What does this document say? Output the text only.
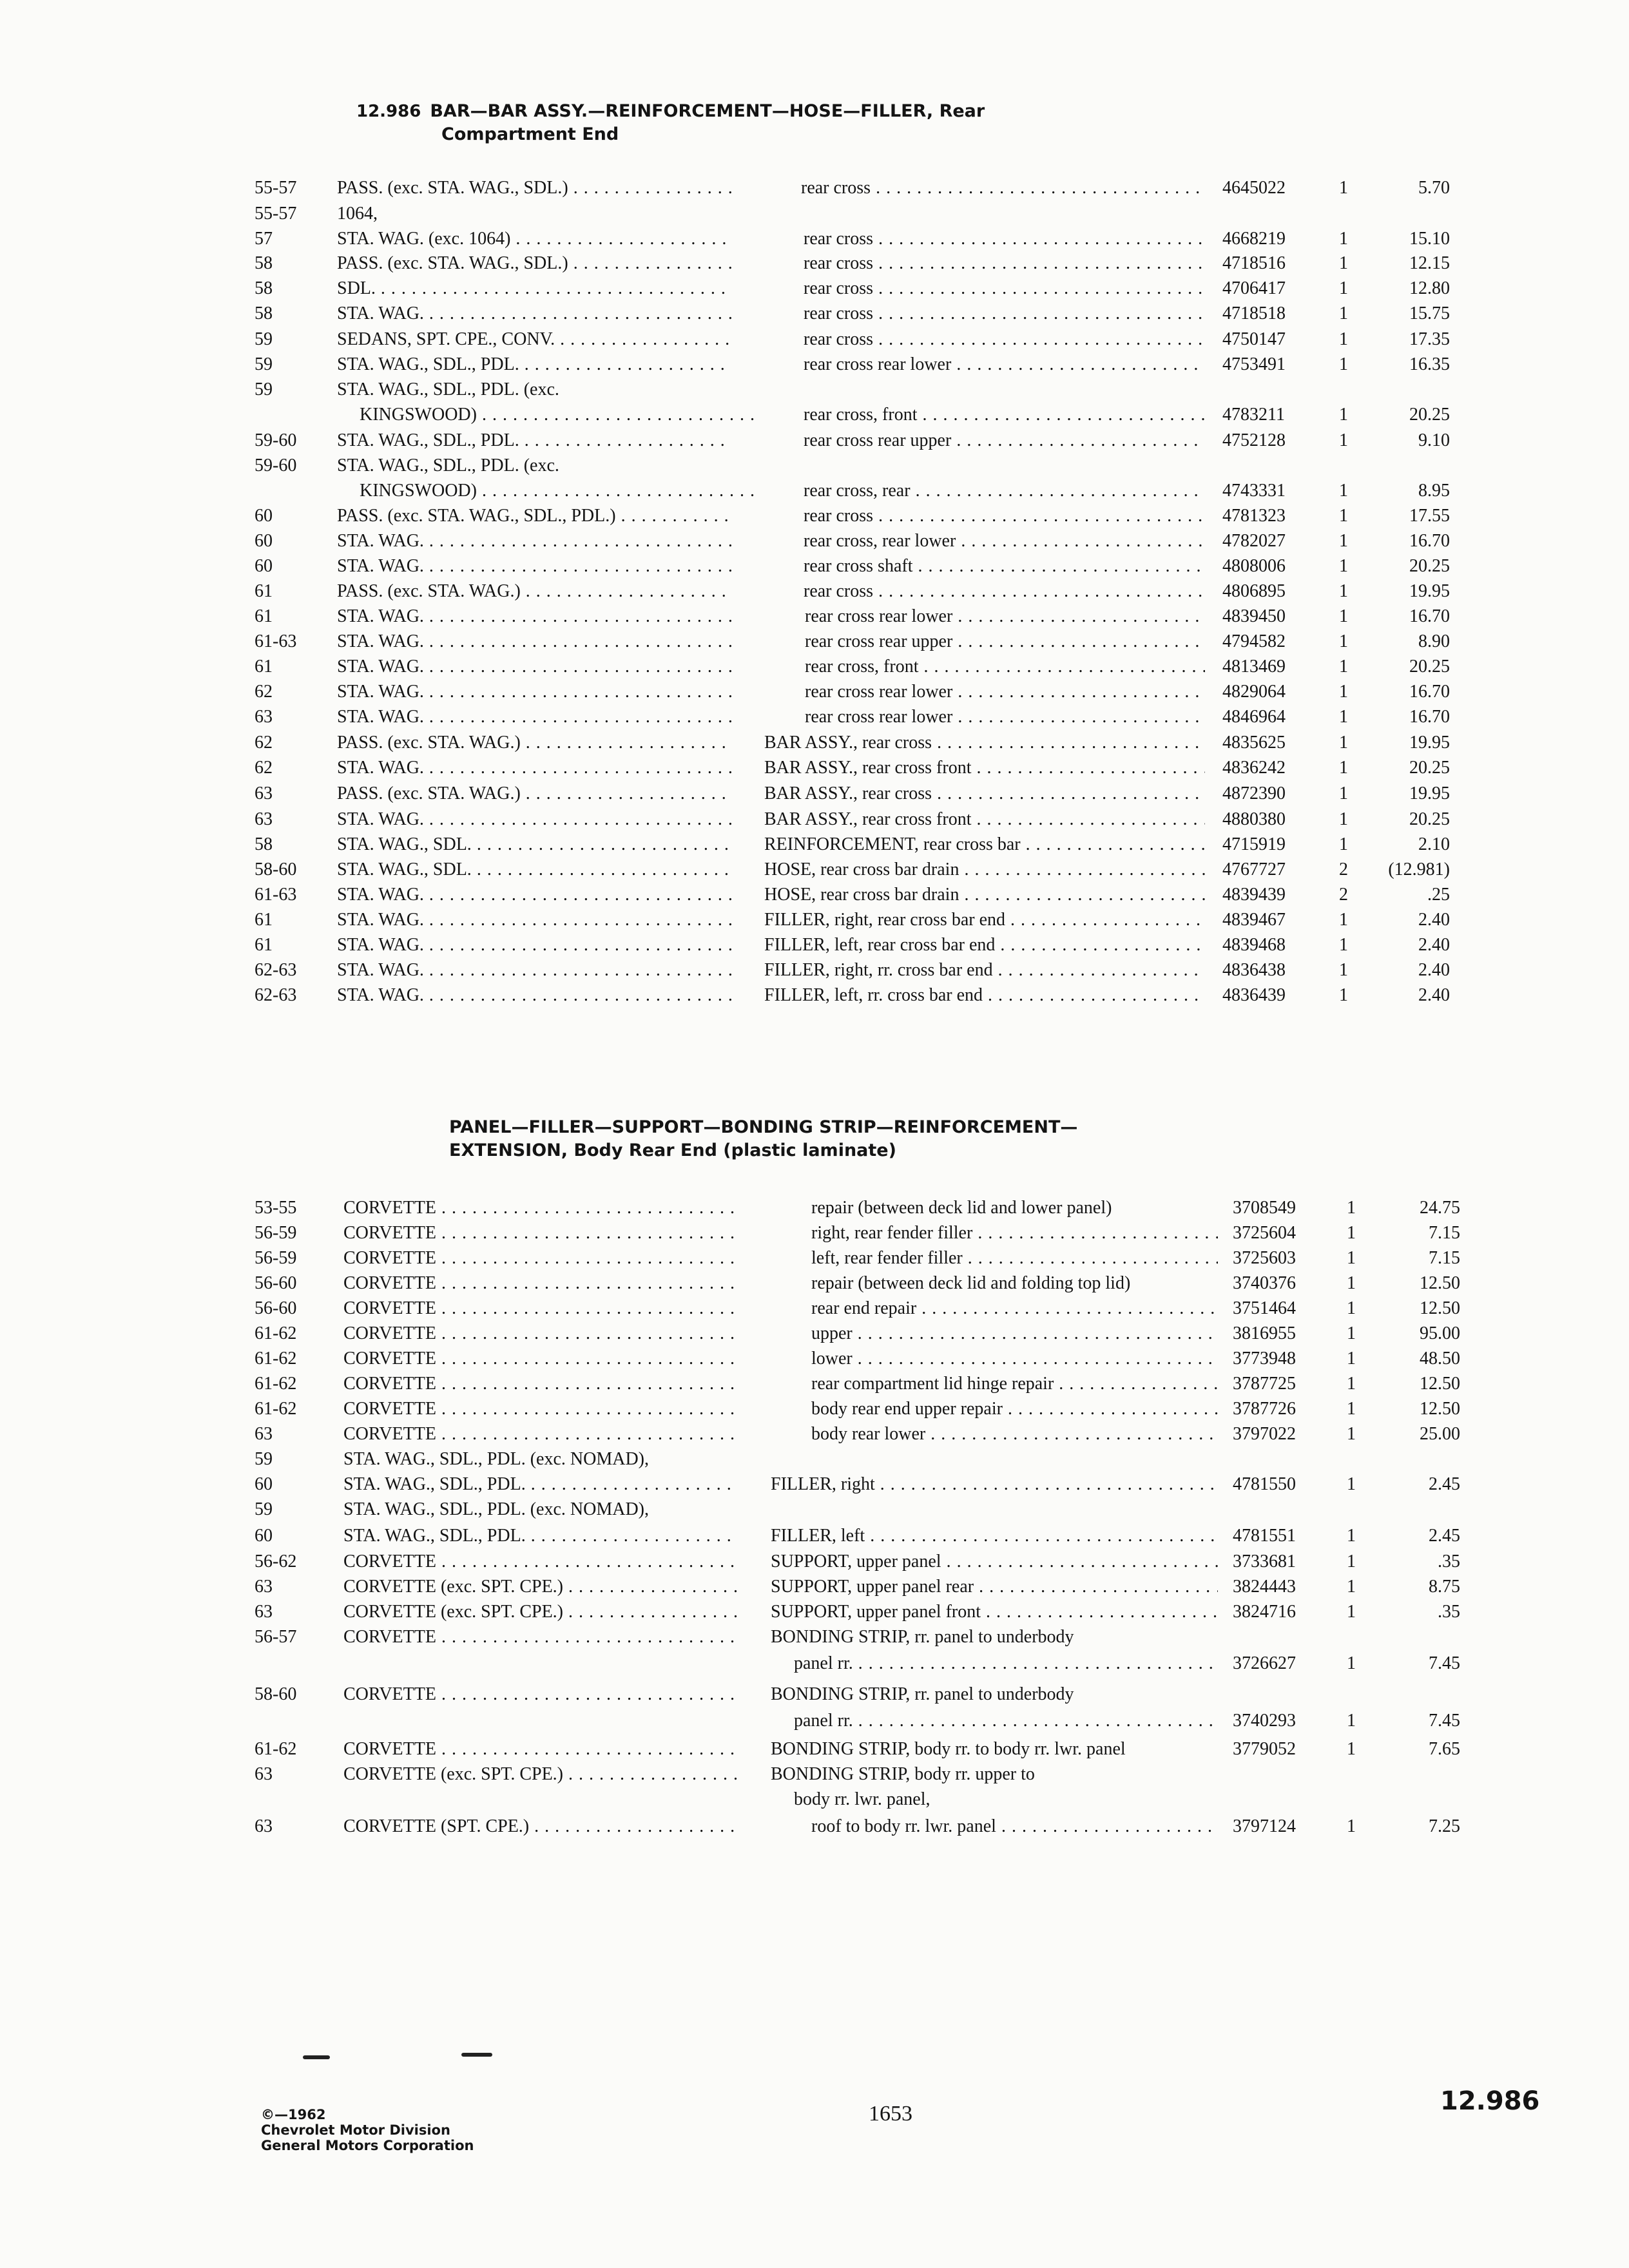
12.986 BAR—BAR ASSY.—REINFORCEMENT—HOSE—FILLER, Rear
Compartment End
55-57 PASS. (exc. STA. WAG., SDL.) . . .	rear cross . . .	4645022	1	5.70
55-57 1064,
57	STA. WAG. (exc. 1064) . . .	rear cross . . .	4668219	1	15.10
58	PASS. (exc. STA. WAG., SDL.) . . .	rear cross . . .	4718516	1	12.15
58	SDL. . . .	rear cross . . .	4706417	1	12.80
58	STA. WAG. . . .	rear cross . . .	4718518	1	15.75
59	SEDANS, SPT. CPE., CONV. . . .	rear cross . . .	4750147	1	17.35
59	STA. WAG., SDL., PDL. . . .	rear cross rear lower . . .	4753491	1	16.35
59	STA. WAG., SDL., PDL. (exc.
KINGSWOOD) . . .	rear cross, front . . .	4783211	1	20.25
59-60 STA. WAG., SDL., PDL. . . .	rear cross rear upper . . .	4752128	1	9.10
59-60 STA. WAG., SDL., PDL. (exc.
KINGSWOOD) . . .	rear cross, rear . . .	4743331	1	8.95
60	PASS. (exc. STA. WAG., SDL., PDL.) . . .	rear cross . . .	4781323	1	17.55
60	STA. WAG. . . .	rear cross, rear lower . . .	4782027	1	16.70
60	STA. WAG. . . .	rear cross shaft . . .	4808006	1	20.25
61	PASS. (exc. STA. WAG.) . . .	rear cross . . .	4806895	1	19.95
61	STA. WAG. . . .	rear cross rear lower . . .	4839450	1	16.70
61-63 STA. WAG. . . .	rear cross rear upper . . .	4794582	1	8.90
61	STA. WAG. . . .	rear cross, front . . .	4813469	1	20.25
62	STA. WAG. . . .	rear cross rear lower . . .	4829064	1	16.70
63	STA. WAG. . . .	rear cross rear lower . . .	4846964	1	16.70
62	PASS. (exc. STA. WAG.) . . .	BAR ASSY., rear cross . . .	4835625	1	19.95
62	STA. WAG. . . .	BAR ASSY., rear cross front . . .	4836242	1	20.25
63	PASS. (exc. STA. WAG.) . . .	BAR ASSY., rear cross . . .	4872390	1	19.95
63	STA. WAG. . . .	BAR ASSY., rear cross front . . .	4880380	1	20.25
58	STA. WAG., SDL. . . .	REINFORCEMENT, rear cross bar . . .	4715919	1	2.10
58-60 STA. WAG., SDL. . . .	HOSE, rear cross bar drain . . .	4767727	2	(12.981)
61-63 STA. WAG. . . .	HOSE, rear cross bar drain . . .	4839439	2	.25
61	STA. WAG. . . .	FILLER, right, rear cross bar end . . .	4839467	1	2.40
61	STA. WAG. . . .	FILLER, left, rear cross bar end . . .	4839468	1	2.40
62-63 STA. WAG. . . .	FILLER, right, rr. cross bar end . . .	4836438	1	2.40
62-63 STA. WAG. . . .	FILLER, left, rr. cross bar end . . .	4836439	1	2.40
PANEL—FILLER—SUPPORT—BONDING STRIP—REINFORCEMENT—
EXTENSION, Body Rear End (plastic laminate)
53-55	CORVETTE . . .	repair (between deck lid and lower panel)	3708549	1	24.75
56-59	CORVETTE . . .	right, rear fender filler . . .	3725604	1	7.15
56-59	CORVETTE . . .	left, rear fender filler . . .	3725603	1	7.15
56-60	CORVETTE . . .	repair (between deck lid and folding top lid)	3740376	1	12.50
56-60	CORVETTE . . .	rear end repair . . .	3751464	1	12.50
61-62	CORVETTE . . .	upper . . .	3816955	1	95.00
61-62	CORVETTE . . .	lower . . .	3773948	1	48.50
61-62	CORVETTE . . .	rear compartment lid hinge repair . . .	3787725	1	12.50
61-62	CORVETTE . . .	body rear end upper repair . . .	3787726	1	12.50
63	CORVETTE . . .	body rear lower . . .	3797022	1	25.00
59	STA. WAG., SDL., PDL. (exc. NOMAD),
60	STA. WAG., SDL., PDL. . . .	FILLER, right . . .	4781550	1	2.45
59	STA. WAG., SDL., PDL. (exc. NOMAD),
60	STA. WAG., SDL., PDL. . . .	FILLER, left . . .	4781551	1	2.45
56-62	CORVETTE . . .	SUPPORT, upper panel . . .	3733681	1	.35
63	CORVETTE (exc. SPT. CPE.) . . .	SUPPORT, upper panel rear . . .	3824443	1	8.75
63	CORVETTE (exc. SPT. CPE.) . . .	SUPPORT, upper panel front . . .	3824716	1	.35
56-57	CORVETTE . . .	BONDING STRIP, rr. panel to underbody
panel rr. . . .	3726627	1	7.45
58-60	CORVETTE . . .	BONDING STRIP, rr. panel to underbody
panel rr. . . .	3740293	1	7.45
61-62	CORVETTE . . .	BONDING STRIP, body rr. to body rr. lwr. panel	3779052	1	7.65
63	CORVETTE (exc. SPT. CPE.) . . .	BONDING STRIP, body rr. upper to
body rr. lwr. panel,
63	CORVETTE (SPT. CPE.) . . .	roof to body rr. lwr. panel . . .	3797124	1	7.25
©—1962
Chevrolet Motor Division
General Motors Corporation
1653	12.986
